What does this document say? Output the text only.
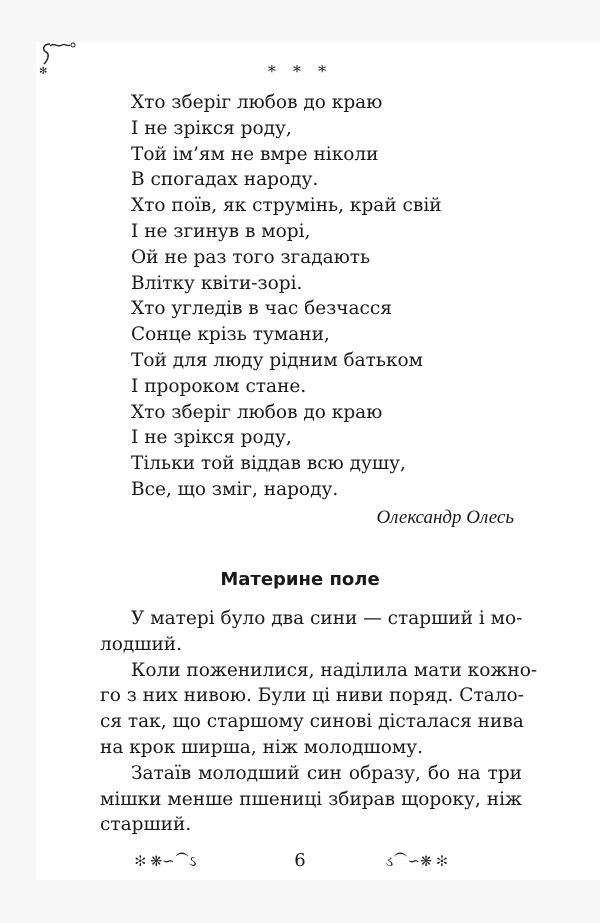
✻	* * *
Хто зберіг любов до краю
І не зрікся роду,
Той ім’ям не вмре ніколи
В спогадах народу.
Хто поїв, як струмінь, край свій
І не згинув в морі,
Ой не раз того згадають
Влітку квіти-зорі.
Хто угледів в час безчасся
Сонце крізь тумани,
Той для люду рідним батьком
І пророком стане.
Хто зберіг любов до краю
І не зрікся роду,
Тільки той віддав всю душу,
Все, що зміг, народу.
Олександр Олесь
Материне поле
У матері було два сини — старший і мо-
лодший.
Коли поженилися, наділила мати кожно-
го з них нивою. Були ці ниви поряд. Стало-
ся так, що старшому синові дісталася нива
на крок ширша, ніж молодшому.
Затаїв молодший син образу, бо на три
мішки менше пшениці збирав щороку, ніж
старший.
✻ ❋∽⁀ઽ	6	ડ⁀∽❋ ✻
